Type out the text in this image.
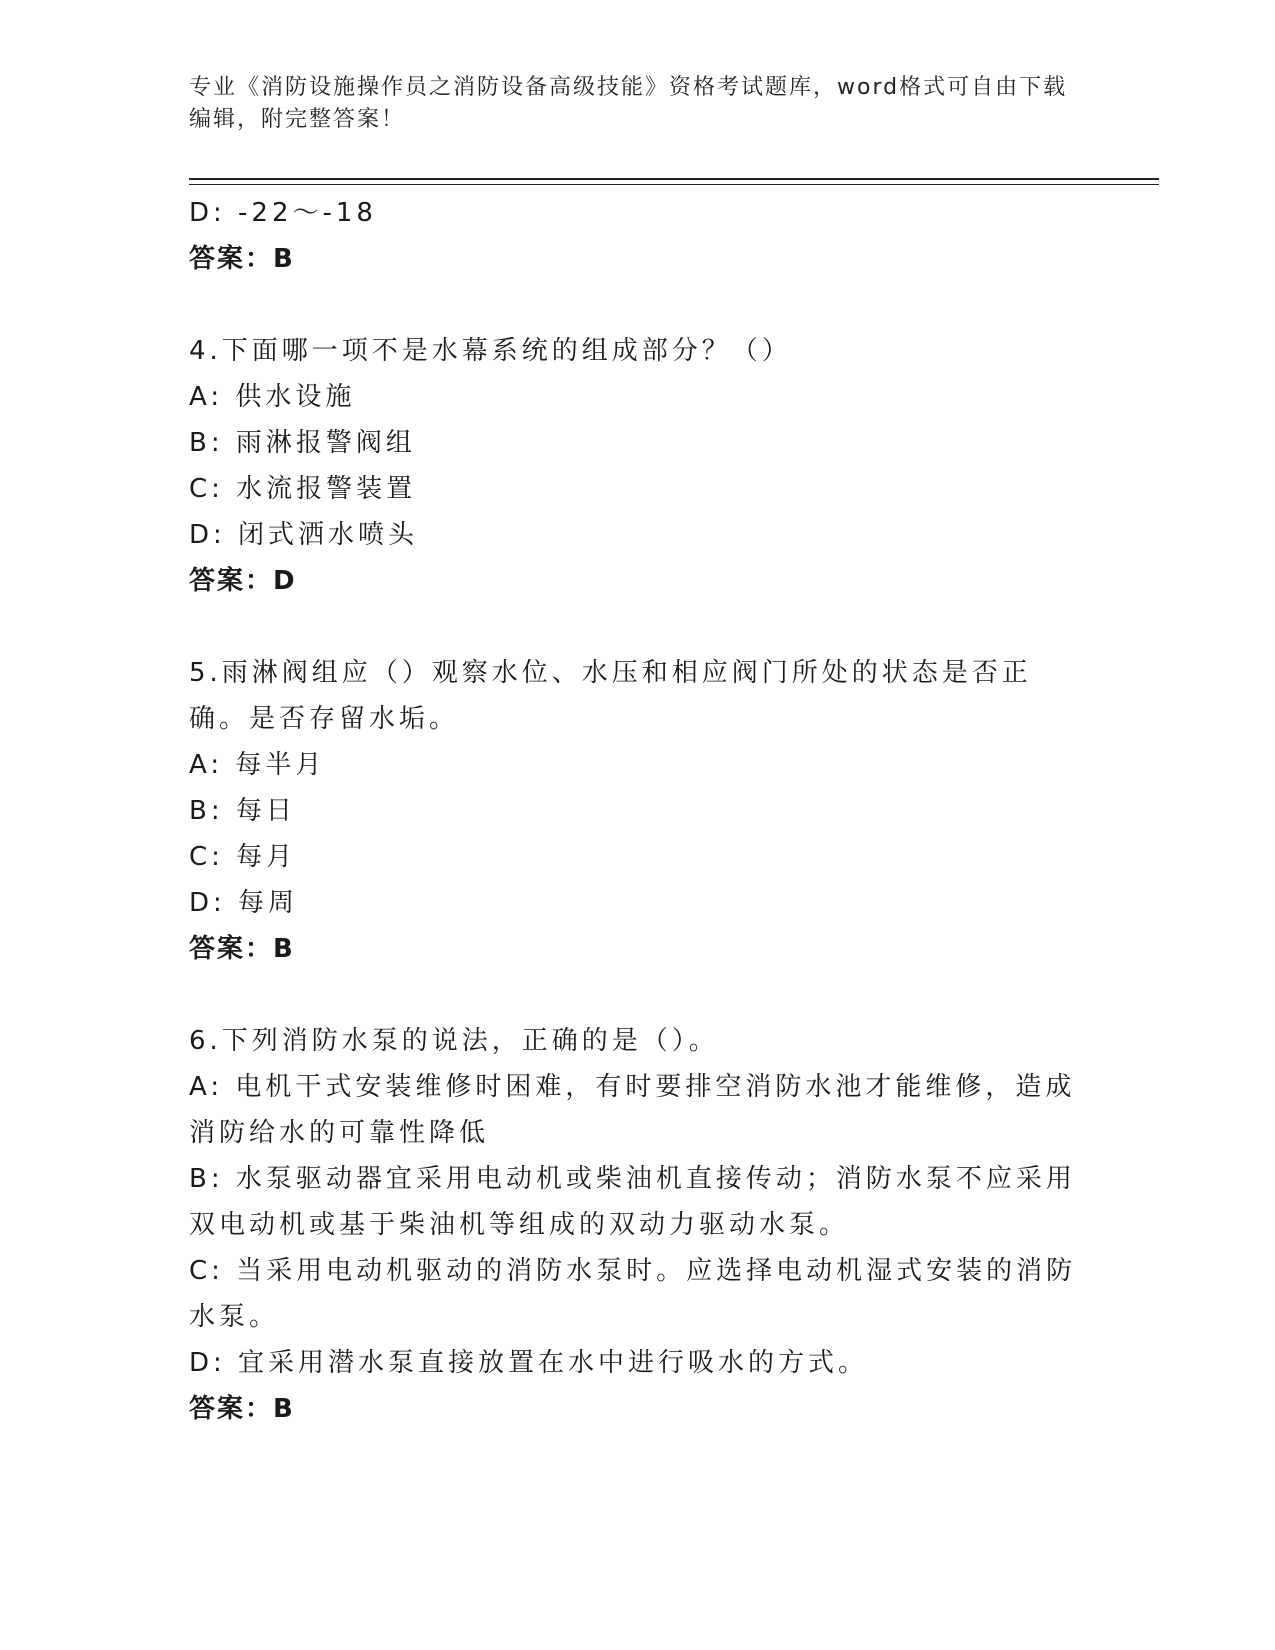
专业《消防设施操作员之消防设备高级技能》资格考试题库，word格式可自由下载编辑，附完整答案！
D: -22～-18
答案：B
4.下面哪一项不是水幕系统的组成部分？（）
A: 供水设施
B: 雨淋报警阀组
C: 水流报警装置
D: 闭式洒水喷头
答案：D
5.雨淋阀组应（）观察水位、水压和相应阀门所处的状态是否正确。是否存留水垢。
A: 每半月
B: 每日
C: 每月
D: 每周
答案：B
6.下列消防水泵的说法，正确的是（）。
A: 电机干式安装维修时困难，有时要排空消防水池才能维修，造成消防给水的可靠性降低
B: 水泵驱动器宜采用电动机或柴油机直接传动；消防水泵不应采用双电动机或基于柴油机等组成的双动力驱动水泵。
C: 当采用电动机驱动的消防水泵时。应选择电动机湿式安装的消防水泵。
D: 宜采用潜水泵直接放置在水中进行吸水的方式。
答案：B
